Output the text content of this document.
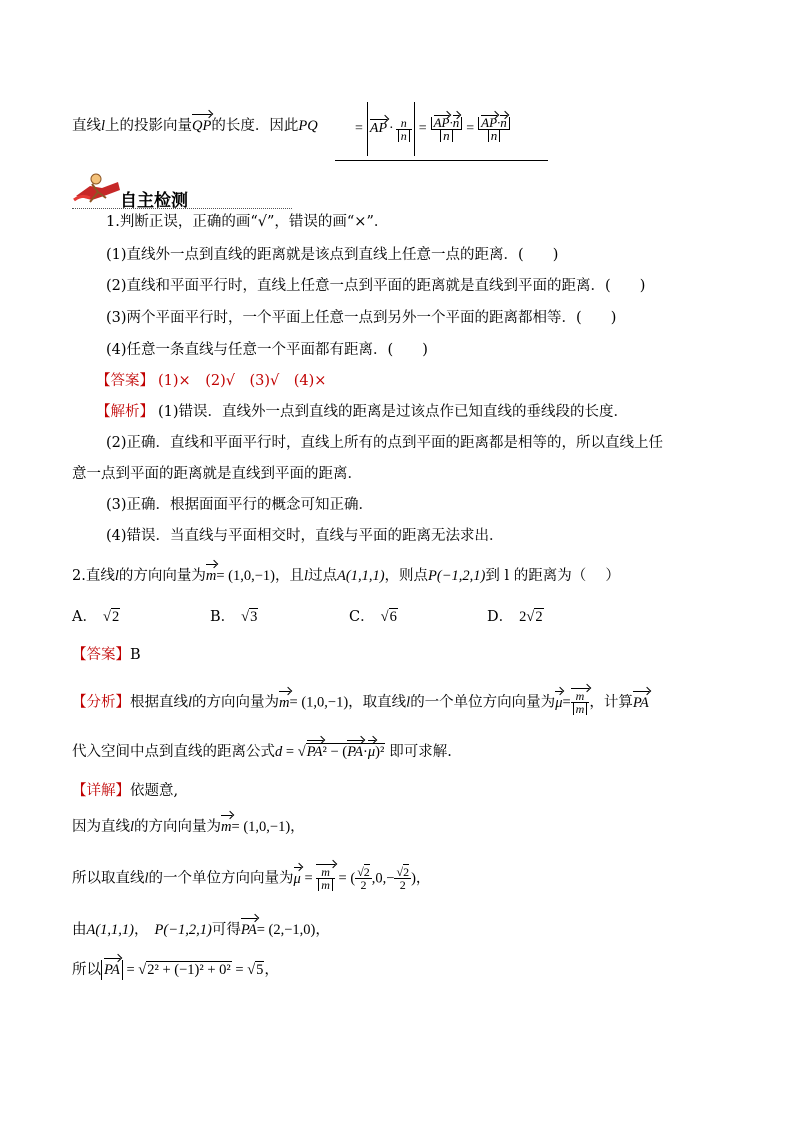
直线l上的投影向量QP的长度．因此PQ	= AP · $\frac{n}{n} = \frac{AP\cdot n}{n} = \frac{AP\cdot n}{n}$
自主检测
1.判断正误，正确的画“√”，错误的画“×”．
(1)直线外一点到直线的距离就是该点到直线上任意一点的距离．(　　)
(2)直线和平面平行时，直线上任意一点到平面的距离就是直线到平面的距离．(　　)
(3)两个平面平行时，一个平面上任意一点到另外一个平面的距离都相等．(　　)
(4)任意一条直线与任意一个平面都有距离．(　　)
【答案】 (1)×　(2)√　(3)√　(4)×
【解析】 (1)错误．直线外一点到直线的距离是过该点作已知直线的垂线段的长度．
(2)正确．直线和平面平行时，直线上所有的点到平面的距离都是相等的，所以直线上任
意一点到平面的距离就是直线到平面的距离．
(3)正确．根据面面平行的概念可知正确．
(4)错误．当直线与平面相交时，直线与平面的距离无法求出．
2.直线l的方向向量为m= (1,0,−1)，且l过点A(1,1,1)，则点P(−1,2,1)到 l 的距离为（　 ）
A． √2	B． √3	C． √6	D． 2√2
【答案】B
【分析】根据直线l的方向向量为m= (1,0,−1)，取直线l的一个单位方向向量为$\mu= \frac{m}{m}$ ，计算PA
代入空间中点到直线的距离公式d = √PA² − (PA·μ)² 即可求解.
【详解】依题意,
因为直线l的方向向量为m= (1,0,−1)，
所以取直线l的一个单位方向向量为$\mu = \frac{m}{m}$ = ( $\frac{√2}{2} ,0,- \frac{√2}{2}$ )，
由A(1,1,1)， P(−1,2,1)可得PA= (2,−1,0)，
所以 PA = √2² + (−1)² + 0² = √5，
